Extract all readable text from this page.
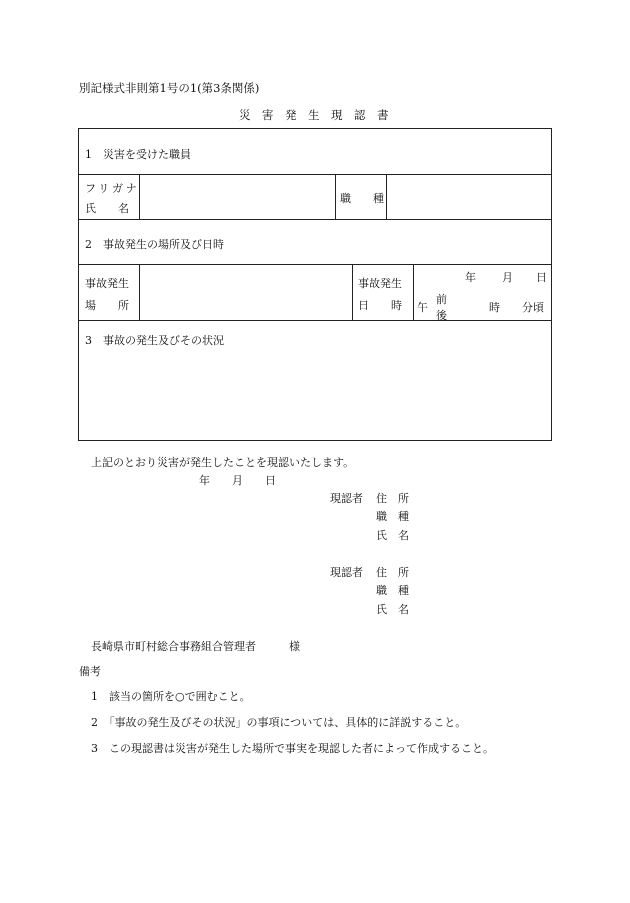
別記様式非則第1号の1(第3条関係)
災　害　発　生　現　認　書
1　災害を受けた職員
フリガナ
氏　　名
職　　種
2　事故発生の場所及び日時
事故発生
場　　所
事故発生
日　　時
年 月 日
午
前
後
時 分頃
3　事故の発生及びその状況
上記のとおり災害が発生したことを現認いたします。
年　　月　　日
現認者 住　所
職　種
氏　名
現認者 住　所
職　種
氏　名
長崎県市町村総合事務組合管理者	様
備考
1　該当の箇所を○で囲むこと。
2　「事故の発生及びその状況」の事項については、具体的に詳説すること。
3　この現認書は災害が発生した場所で事実を現認した者によって作成すること。
